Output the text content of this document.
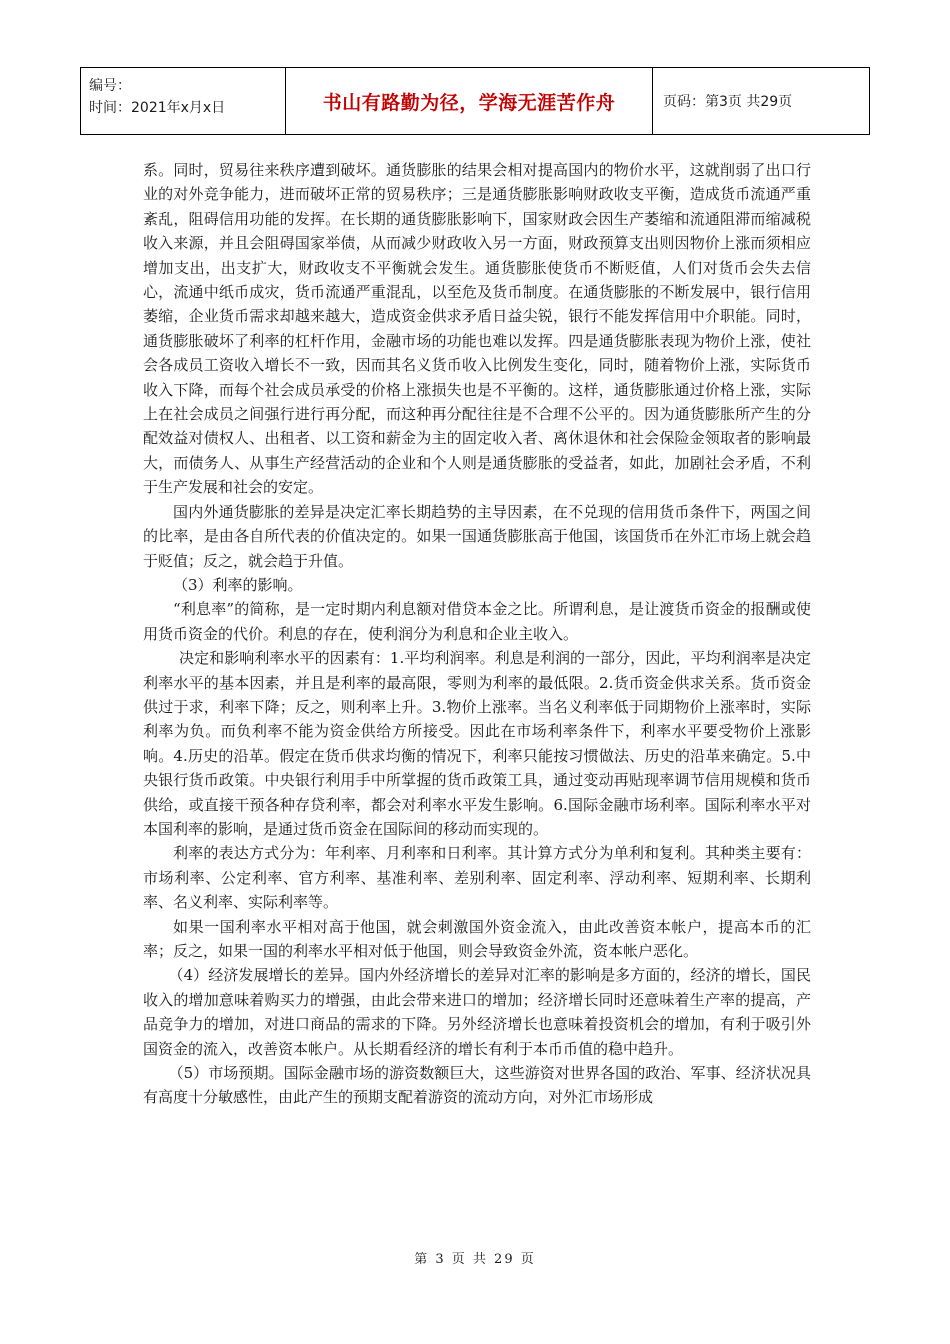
编号：
时间：2021年x月x日	书山有路勤为径，学海无涯苦作舟	页码：第3页 共29页

系。同时，贸易往来秩序遭到破坏。通货膨胀的结果会相对提高国内的物价水平，这就削弱了出口行业的对外竞争能力，进而破坏正常的贸易秩序；三是通货膨胀影响财政收支平衡，造成货币流通严重紊乱，阻碍信用功能的发挥。在长期的通货膨胀影响下，国家财政会因生产萎缩和流通阻滞而缩减税收入来源，并且会阻碍国家举债，从而减少财政收入另一方面，财政预算支出则因物价上涨而须相应增加支出，出支扩大，财政收支不平衡就会发生。通货膨胀使货币不断贬值，人们对货币会失去信心，流通中纸币成灾，货币流通严重混乱，以至危及货币制度。在通货膨胀的不断发展中，银行信用萎缩，企业货币需求却越来越大，造成资金供求矛盾日益尖锐，银行不能发挥信用中介职能。同时，通货膨胀破坏了利率的杠杆作用，金融市场的功能也难以发挥。四是通货膨胀表现为物价上涨，使社会各成员工资收入增长不一致，因而其名义货币收入比例发生变化，同时，随着物价上涨，实际货币收入下降，而每个社会成员承受的价格上涨损失也是不平衡的。这样，通货膨胀通过价格上涨，实际上在社会成员之间强行进行再分配，而这种再分配往往是不合理不公平的。因为通货膨胀所产生的分配效益对债权人、出租者、以工资和薪金为主的固定收入者、离休退休和社会保险金领取者的影响最大，而债务人、从事生产经营活动的企业和个人则是通货膨胀的受益者，如此，加剧社会矛盾，不利于生产发展和社会的安定。

国内外通货膨胀的差异是决定汇率长期趋势的主导因素，在不兑现的信用货币条件下，两国之间的比率，是由各自所代表的价值决定的。如果一国通货膨胀高于他国，该国货币在外汇市场上就会趋于贬值；反之，就会趋于升值。

（3）利率的影响。

“利息率”的简称，是一定时期内利息额对借贷本金之比。所谓利息，是让渡货币资金的报酬或使用货币资金的代价。利息的存在，使利润分为利息和企业主收入。

决定和影响利率水平的因素有：1.平均利润率。利息是利润的一部分，因此，平均利润率是决定利率水平的基本因素，并且是利率的最高限，零则为利率的最低限。2.货币资金供求关系。货币资金供过于求，利率下降；反之，则利率上升。3.物价上涨率。当名义利率低于同期物价上涨率时，实际利率为负。而负利率不能为资金供给方所接受。因此在市场利率条件下，利率水平要受物价上涨影响。4.历史的沿革。假定在货币供求均衡的情况下，利率只能按习惯做法、历史的沿革来确定。5.中央银行货币政策。中央银行利用手中所掌握的货币政策工具，通过变动再贴现率调节信用规模和货币供给，或直接干预各种存贷利率，都会对利率水平发生影响。6.国际金融市场利率。国际利率水平对本国利率的影响，是通过货币资金在国际间的移动而实现的。

利率的表达方式分为：年利率、月利率和日利率。其计算方式分为单利和复利。其种类主要有：市场利率、公定利率、官方利率、基准利率、差别利率、固定利率、浮动利率、短期利率、长期利率、名义利率、实际利率等。

如果一国利率水平相对高于他国，就会刺激国外资金流入，由此改善资本帐户，提高本币的汇率；反之，如果一国的利率水平相对低于他国，则会导致资金外流，资本帐户恶化。

（4）经济发展增长的差异。国内外经济增长的差异对汇率的影响是多方面的，经济的增长，国民收入的增加意味着购买力的增强，由此会带来进口的增加；经济增长同时还意味着生产率的提高，产品竞争力的增加，对进口商品的需求的下降。另外经济增长也意味着投资机会的增加，有利于吸引外国资金的流入，改善资本帐户。从长期看经济的增长有利于本币币值的稳中趋升。

（5）市场预期。国际金融市场的游资数额巨大，这些游资对世界各国的政治、军事、经济状况具有高度十分敏感性，由此产生的预期支配着游资的流动方向，对外汇市场形成

第 3 页 共 29 页
